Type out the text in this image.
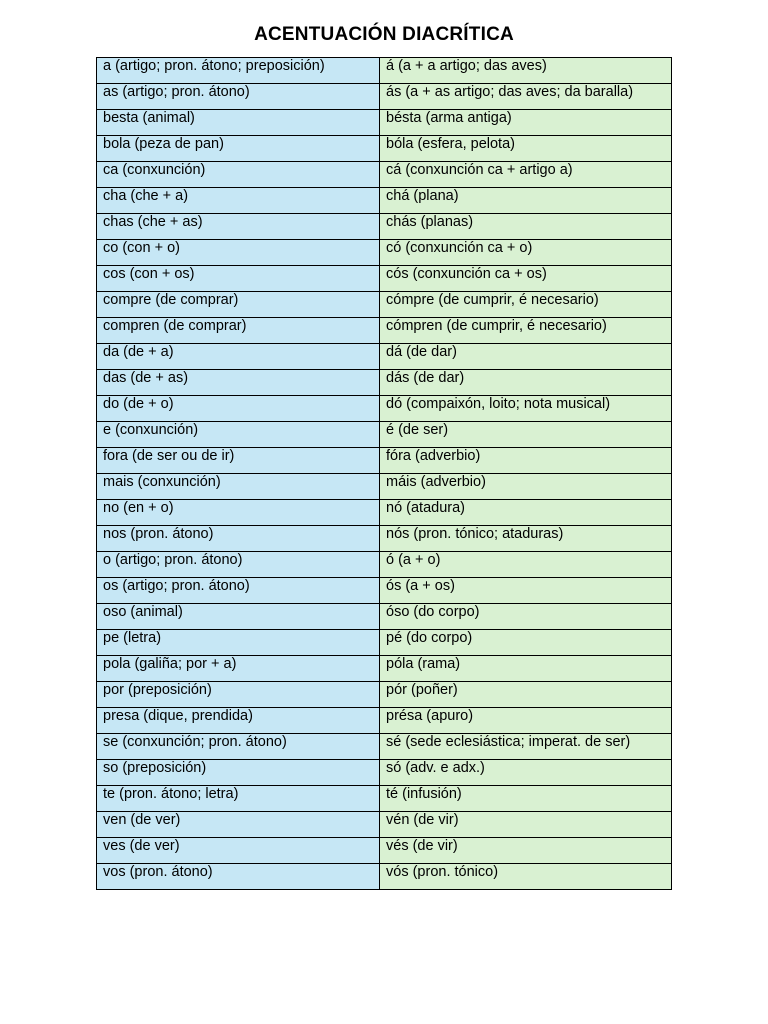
ACENTUACIÓN DIACRÍTICA
a (artigo; pron. átono; preposición)	á (a + a artigo; das aves)
as (artigo; pron. átono)	ás (a + as artigo; das aves; da baralla)
besta (animal)	bésta (arma antiga)
bola (peza de pan)	bóla (esfera, pelota)
ca (conxunción)	cá (conxunción ca + artigo a)
cha (che + a)	chá (plana)
chas (che + as)	chás (planas)
co (con + o)	có (conxunción ca + o)
cos (con + os)	cós (conxunción ca + os)
compre (de comprar)	cómpre (de cumprir, é necesario)
compren (de comprar)	cómpren (de cumprir, é necesario)
da (de + a)	dá (de dar)
das (de + as)	dás (de dar)
do (de + o)	dó (compaixón, loito; nota musical)
e (conxunción)	é (de ser)
fora (de ser ou de ir)	fóra (adverbio)
mais (conxunción)	máis (adverbio)
no (en + o)	nó (atadura)
nos (pron. átono)	nós (pron. tónico; ataduras)
o (artigo; pron. átono)	ó (a + o)
os (artigo; pron. átono)	ós (a + os)
oso (animal)	óso (do corpo)
pe (letra)	pé (do corpo)
pola (galiña; por + a)	póla (rama)
por (preposición)	pór (poñer)
presa (dique, prendida)	présa (apuro)
se (conxunción; pron. átono)	sé (sede eclesiástica; imperat. de ser)
so (preposición)	só (adv. e adx.)
te (pron. átono; letra)	té (infusión)
ven (de ver)	vén (de vir)
ves (de ver)	vés (de vir)
vos (pron. átono)	vós (pron. tónico)
